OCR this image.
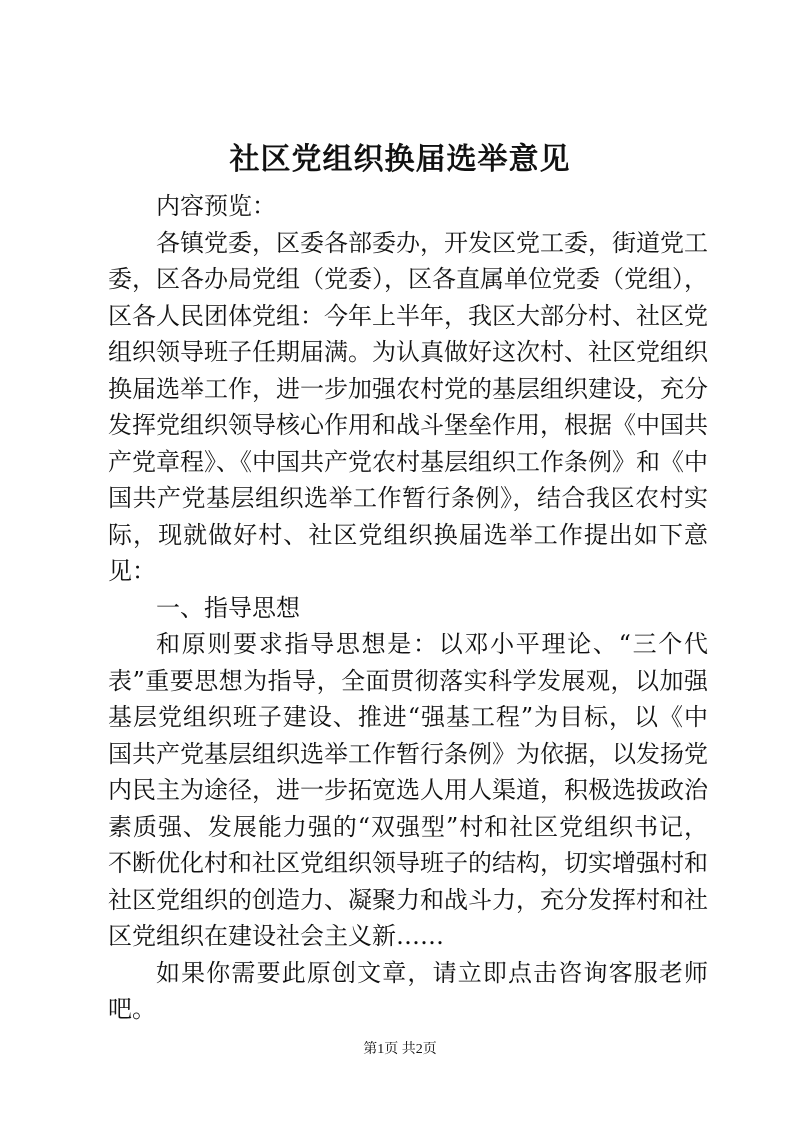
社区党组织换届选举意见

内容预览：

各镇党委，区委各部委办，开发区党工委，街道党工委，区各办局党组（党委），区各直属单位党委（党组），区各人民团体党组：今年上半年，我区大部分村、社区党组织领导班子任期届满。为认真做好这次村、社区党组织换届选举工作，进一步加强农村党的基层组织建设，充分发挥党组织领导核心作用和战斗堡垒作用，根据《中国共产党章程》、《中国共产党农村基层组织工作条例》和《中国共产党基层组织选举工作暂行条例》，结合我区农村实际，现就做好村、社区党组织换届选举工作提出如下意见：

一、指导思想

和原则要求指导思想是：以邓小平理论、“三个代表”重要思想为指导，全面贯彻落实科学发展观，以加强基层党组织班子建设、推进“强基工程”为目标，以《中国共产党基层组织选举工作暂行条例》为依据，以发扬党内民主为途径，进一步拓宽选人用人渠道，积极选拔政治素质强、发展能力强的“双强型”村和社区党组织书记，不断优化村和社区党组织领导班子的结构，切实增强村和社区党组织的创造力、凝聚力和战斗力，充分发挥村和社区党组织在建设社会主义新……

如果你需要此原创文章，请立即点击咨询客服老师吧。

第1页 共2页
